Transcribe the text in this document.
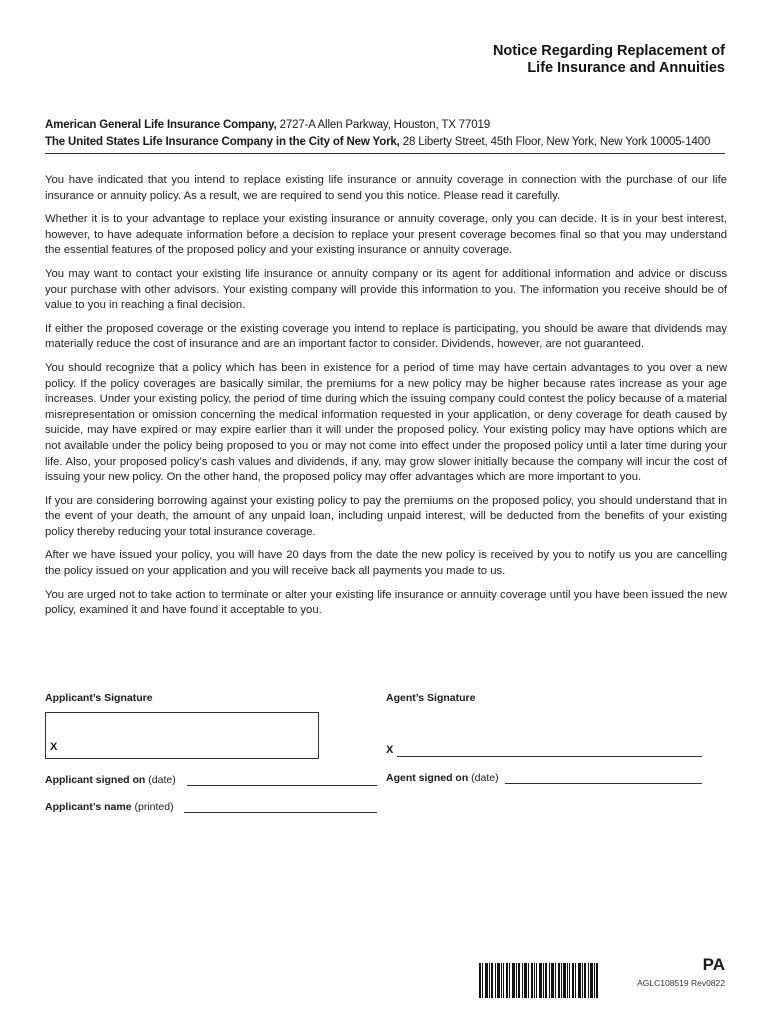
Notice Regarding Replacement of
Life Insurance and Annuities
American General Life Insurance Company, 2727-A Allen Parkway, Houston, TX 77019
The United States Life Insurance Company in the City of New York, 28 Liberty Street, 45th Floor, New York, New York 10005-1400

You have indicated that you intend to replace existing life insurance or annuity coverage in connection with the purchase of our life insurance or annuity policy. As a result, we are required to send you this notice. Please read it carefully.

Whether it is to your advantage to replace your existing insurance or annuity coverage, only you can decide. It is in your best interest, however, to have adequate information before a decision to replace your present coverage becomes final so that you may understand the essential features of the proposed policy and your existing insurance or annuity coverage.

You may want to contact your existing life insurance or annuity company or its agent for additional information and advice or discuss your purchase with other advisors. Your existing company will provide this information to you. The information you receive should be of value to you in reaching a final decision.

If either the proposed coverage or the existing coverage you intend to replace is participating, you should be aware that dividends may materially reduce the cost of insurance and are an important factor to consider. Dividends, however, are not guaranteed.

You should recognize that a policy which has been in existence for a period of time may have certain advantages to you over a new policy. If the policy coverages are basically similar, the premiums for a new policy may be higher because rates increase as your age increases. Under your existing policy, the period of time during which the issuing company could contest the policy because of a material misrepresentation or omission concerning the medical information requested in your application, or deny coverage for death caused by suicide, may have expired or may expire earlier than it will under the proposed policy. Your existing policy may have options which are not available under the policy being proposed to you or may not come into effect under the proposed policy until a later time during your life. Also, your proposed policy’s cash values and dividends, if any, may grow slower initially because the company will incur the cost of issuing your new policy. On the other hand, the proposed policy may offer advantages which are more important to you.

If you are considering borrowing against your existing policy to pay the premiums on the proposed policy, you should understand that in the event of your death, the amount of any unpaid loan, including unpaid interest, will be deducted from the benefits of your existing policy thereby reducing your total insurance coverage.

After we have issued your policy, you will have 20 days from the date the new policy is received by you to notify us you are cancelling the policy issued on your application and you will receive back all payments you made to us.

You are urged not to take action to terminate or alter your existing life insurance or annuity coverage until you have been issued the new policy, examined it and have found it acceptable to you.

Applicant’s Signature	Agent’s Signature
X	X
Applicant signed on (date)	Agent signed on (date)
Applicant’s name (printed)
PA
AGLC108519 Rev0822
